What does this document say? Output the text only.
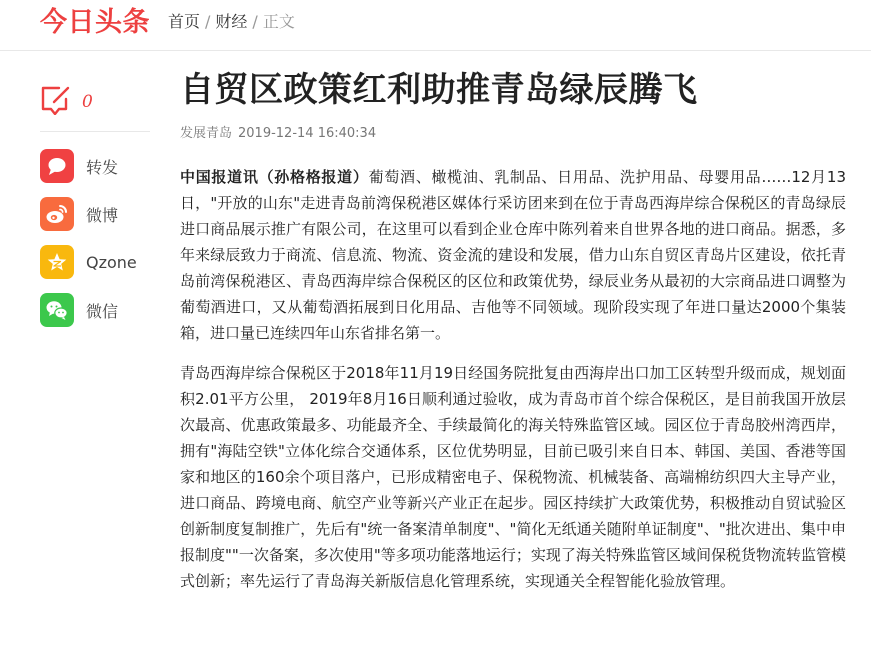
今日头条 首页 / 财经 / 正文
0
转发
微博
Qzone
微信
自贸区政策红利助推青岛绿辰腾飞
发展青岛 2019-12-14 16:40:34

中国报道讯（孙格格报道）葡萄酒、橄榄油、乳制品、日用品、洗护用品、母婴用品……12月13日，"开放的山东"走进青岛前湾保税港区媒体行采访团来到在位于青岛西海岸综合保税区的青岛绿辰进口商品展示推广有限公司，在这里可以看到企业仓库中陈列着来自世界各地的进口商品。据悉，多年来绿辰致力于商流、信息流、物流、资金流的建设和发展，借力山东自贸区青岛片区建设，依托青岛前湾保税港区、青岛西海岸综合保税区的区位和政策优势，绿辰业务从最初的大宗商品进口调整为葡萄酒进口，又从葡萄酒拓展到日化用品、吉他等不同领域。现阶段实现了年进口量达2000个集装箱，进口量已连续四年山东省排名第一。

青岛西海岸综合保税区于2018年11月19日经国务院批复由西海岸出口加工区转型升级而成，规划面积2.01平方公里， 2019年8月16日顺利通过验收，成为青岛市首个综合保税区，是目前我国开放层次最高、优惠政策最多、功能最齐全、手续最简化的海关特殊监管区域。园区位于青岛胶州湾西岸，拥有"海陆空铁"立体化综合交通体系，区位优势明显，目前已吸引来自日本、韩国、美国、香港等国家和地区的160余个项目落户，已形成精密电子、保税物流、机械装备、高端棉纺织四大主导产业，进口商品、跨境电商、航空产业等新兴产业正在起步。园区持续扩大政策优势，积极推动自贸试验区创新制度复制推广，先后有"统一备案清单制度"、"简化无纸通关随附单证制度"、"批次进出、集中申报制度""一次备案，多次使用"等多项功能落地运行；实现了海关特殊监管区域间保税货物流转监管模式创新；率先运行了青岛海关新版信息化管理系统，实现通关全程智能化验放管理。
